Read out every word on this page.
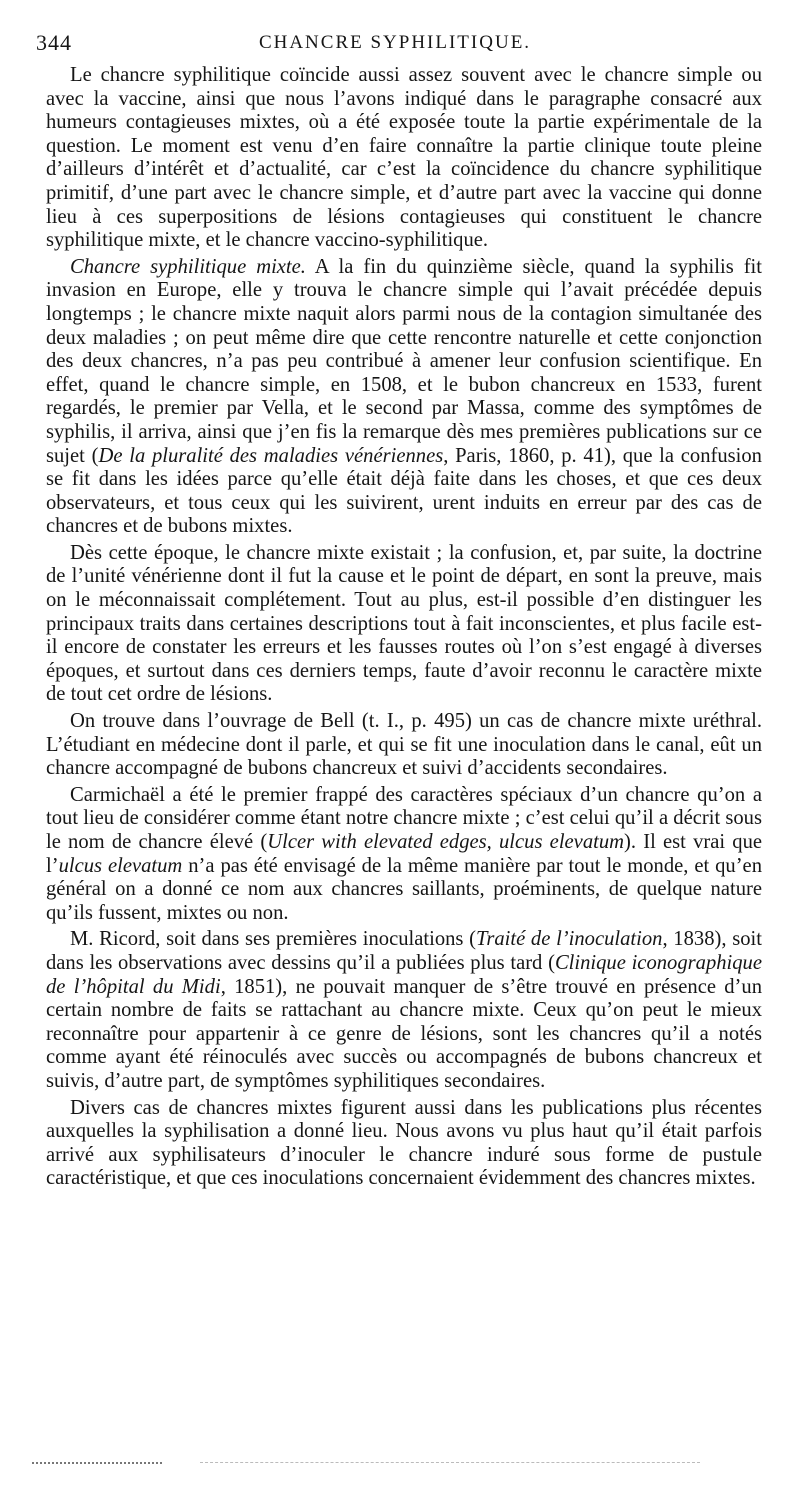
344	CHANCRE SYPHILITIQUE.

Le chancre syphilitique coïncide aussi assez souvent avec le chancre simple ou avec la vaccine, ainsi que nous l’avons indiqué dans le paragraphe consacré aux humeurs contagieuses mixtes, où a été exposée toute la partie expérimentale de la question. Le moment est venu d’en faire connaître la partie clinique toute pleine d’ailleurs d’intérêt et d’actualité, car c’est la coïncidence du chancre syphilitique primitif, d’une part avec le chancre simple, et d’autre part avec la vaccine qui donne lieu à ces superpositions de lésions contagieuses qui constituent le chancre syphilitique mixte, et le chancre vaccino-syphilitique.

Chancre syphilitique mixte. A la fin du quinzième siècle, quand la syphilis fit invasion en Europe, elle y trouva le chancre simple qui l’avait précédée depuis longtemps ; le chancre mixte naquit alors parmi nous de la contagion simultanée des deux maladies ; on peut même dire que cette rencontre naturelle et cette conjonction des deux chancres, n’a pas peu contribué à amener leur confusion scientifique. En effet, quand le chancre simple, en 1508, et le bubon chancreux en 1533, furent regardés, le premier par Vella, et le second par Massa, comme des symptômes de syphilis, il arriva, ainsi que j’en fis la remarque dès mes premières publications sur ce sujet (De la pluralité des maladies vénériennes, Paris, 1860, p. 41), que la confusion se fit dans les idées parce qu’elle était déjà faite dans les choses, et que ces deux observateurs, et tous ceux qui les suivirent, urent induits en erreur par des cas de chancres et de bubons mixtes.

Dès cette époque, le chancre mixte existait ; la confusion, et, par suite, la doctrine de l’unité vénérienne dont il fut la cause et le point de départ, en sont la preuve, mais on le méconnaissait complétement. Tout au plus, est-il possible d’en distinguer les principaux traits dans certaines descriptions tout à fait inconscientes, et plus facile est-il encore de constater les erreurs et les fausses routes où l’on s’est engagé à diverses époques, et surtout dans ces derniers temps, faute d’avoir reconnu le caractère mixte de tout cet ordre de lésions.

On trouve dans l’ouvrage de Bell (t. I., p. 495) un cas de chancre mixte uréthral. L’étudiant en médecine dont il parle, et qui se fit une inoculation dans le canal, eût un chancre accompagné de bubons chancreux et suivi d’accidents secondaires.

Carmichaël a été le premier frappé des caractères spéciaux d’un chancre qu’on a tout lieu de considérer comme étant notre chancre mixte ; c’est celui qu’il a décrit sous le nom de chancre élevé (Ulcer with elevated edges, ulcus elevatum). Il est vrai que l’ulcus elevatum n’a pas été envisagé de la même manière par tout le monde, et qu’en général on a donné ce nom aux chancres saillants, proéminents, de quelque nature qu’ils fussent, mixtes ou non.

M. Ricord, soit dans ses premières inoculations (Traité de l’inoculation, 1838), soit dans les observations avec dessins qu’il a publiées plus tard (Clinique iconographique de l’hôpital du Midi, 1851), ne pouvait manquer de s’être trouvé en présence d’un certain nombre de faits se rattachant au chancre mixte. Ceux qu’on peut le mieux reconnaître pour appartenir à ce genre de lésions, sont les chancres qu’il a notés comme ayant été réinoculés avec succès ou accompagnés de bubons chancreux et suivis, d’autre part, de symptômes syphilitiques secondaires.

Divers cas de chancres mixtes figurent aussi dans les publications plus récentes auxquelles la syphilisation a donné lieu. Nous avons vu plus haut qu’il était parfois arrivé aux syphilisateurs d’inoculer le chancre induré sous forme de pustule caractéristique, et que ces inoculations concernaient évidemment des chancres mixtes.
